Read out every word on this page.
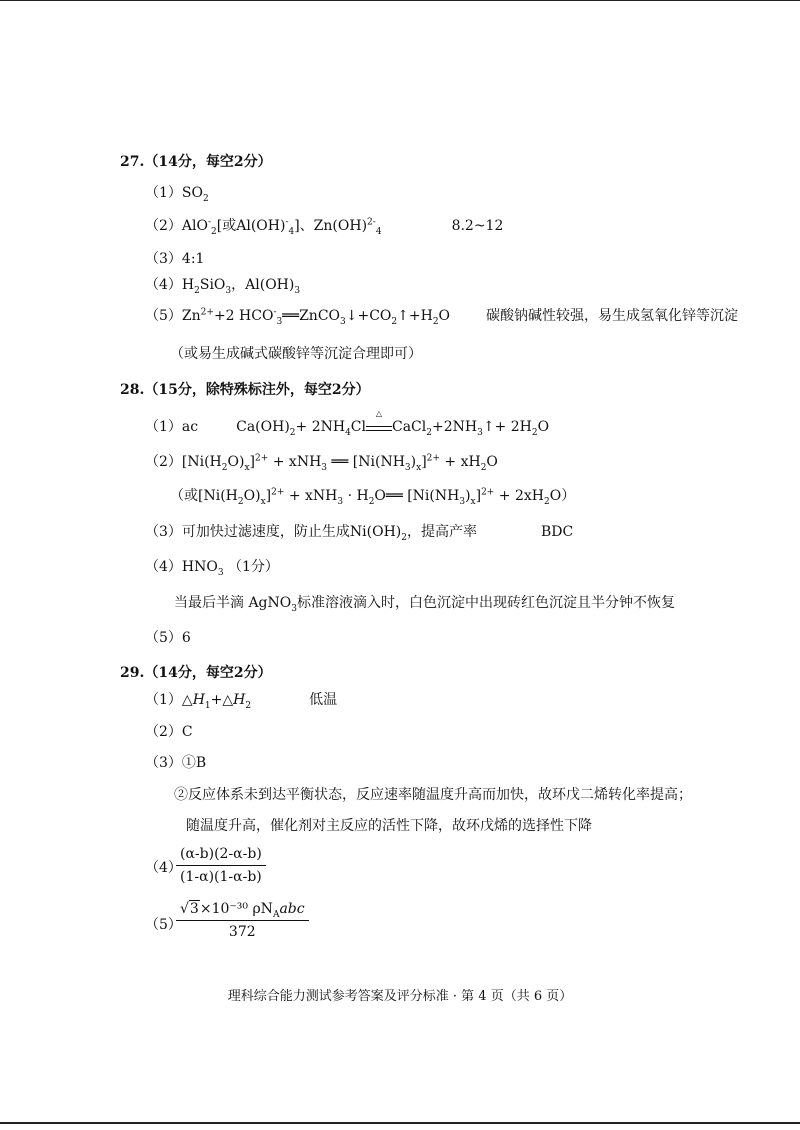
27.（14分，每空2分）
$(1)SO_2$
（2）AlO-$_2$[或$Al(OH)^-_4$]、Zn(OH)$^{2-}_4$	8.2~12
（3）4:1
$(4)H_2SiO_3$，$Al(OH)_3$
$(5)Zn^{2+}+2$ $HCO^-_3══ZnCO_3↓+CO_2↑+H_2O$	碳酸钠碱性较强，易生成氢氧化锌等沉淀
（或易生成碱式碳酸锌等沉淀合理即可）
28.（15分，除特殊标注外，每空2分）
（1）ac	$Ca(OH)_2+ 2NH_4Cl$
△
$CaCl_2+2NH_3↑+ 2H_2O$
$(2)[Ni(H_2O)_x]^{2+} + xNH_3$ ══ $[Ni(NH_3)_x]^{2+} + xH_2O$
（或$[Ni(H_2O)_x]^{2+} + xNH_3$ · $H_2O══$ $[Ni(NH_3)_x]^{2+} + 2xH_2O$）
（3）可加快过滤速度，防止生成$Ni(OH)_2$，提高产率	BDC
$(4)HNO_3$ （1分）
当最后半滴 AgNO$_3$标准溶液滴入时，白色沉淀中出现砖红色沉淀且半分钟不恢复
（5）6
29.（14分，每空2分）
$(1)\triangle H_1+\triangle H_2$	低温
（2）C
（3）①B
②反应体系未到达平衡状态，反应速率随温度升高而加快，故环戊二烯转化率提高；
随温度升高，催化剂对主反应的活性下降，故环戊烯的选择性下降
（4）
$\frac{(\alpha-b)(2-\alpha-b)}{(1-\alpha)(1-\alpha-b)}$
（5）
√3×10⁻³⁰ $\rho N_Aabc$
372
理科综合能力测试参考答案及评分标准 · 第 4 页（共 6 页）
